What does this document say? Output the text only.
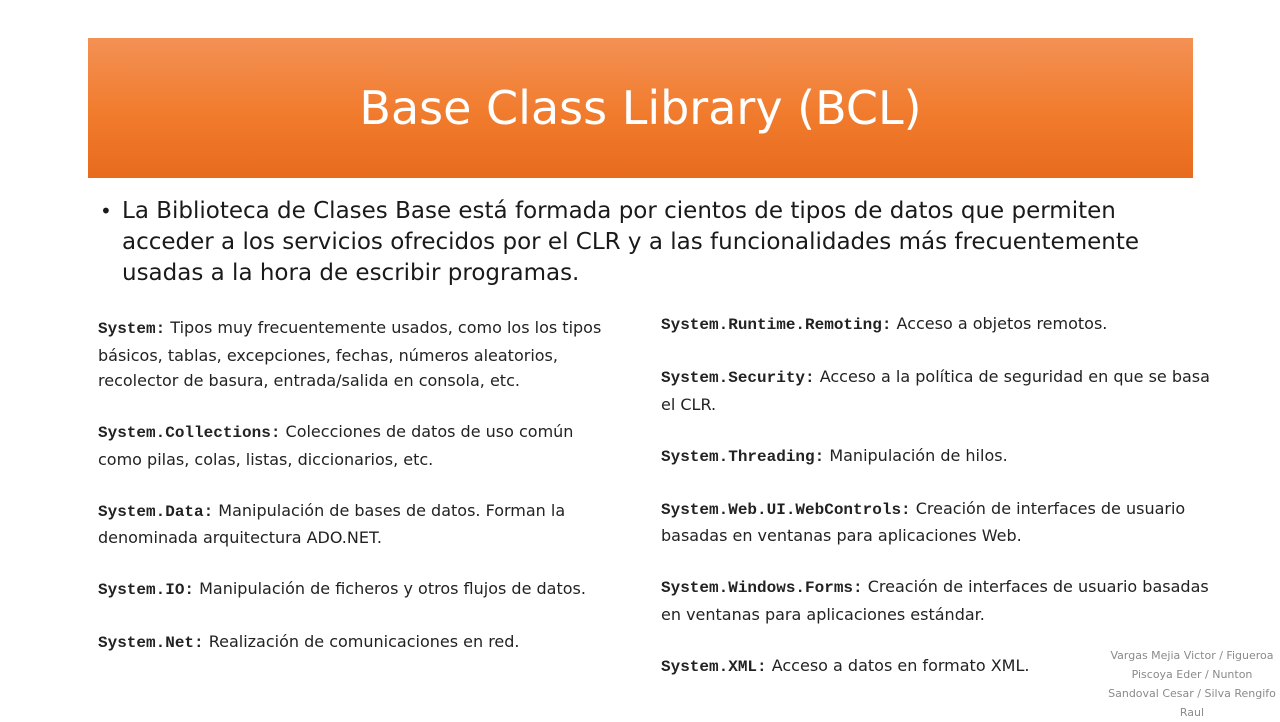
Base Class Library (BCL)
• La Biblioteca de Clases Base está formada por cientos de tipos de datos que permiten acceder a los servicios ofrecidos por el CLR y a las funcionalidades más frecuentemente usadas a la hora de escribir programas.
System: Tipos muy frecuentemente usados, como los los tipos básicos, tablas, excepciones, fechas, números aleatorios, recolector de basura, entrada/salida en consola, etc.
System.Collections: Colecciones de datos de uso común como pilas, colas, listas, diccionarios, etc.
System.Data: Manipulación de bases de datos. Forman la denominada arquitectura ADO.NET.
System.IO: Manipulación de ficheros y otros flujos de datos.
System.Net: Realización de comunicaciones en red.
System.Runtime.Remoting: Acceso a objetos remotos.
System.Security: Acceso a la política de seguridad en que se basa el CLR.
System.Threading: Manipulación de hilos.
System.Web.UI.WebControls: Creación de interfaces de usuario basadas en ventanas para aplicaciones Web.
System.Windows.Forms: Creación de interfaces de usuario basadas en ventanas para aplicaciones estándar.
System.XML: Acceso a datos en formato XML.	Vargas Mejia Victor / Figueroa Piscoya Eder / Nunton Sandoval Cesar / Silva Rengifo Raul
